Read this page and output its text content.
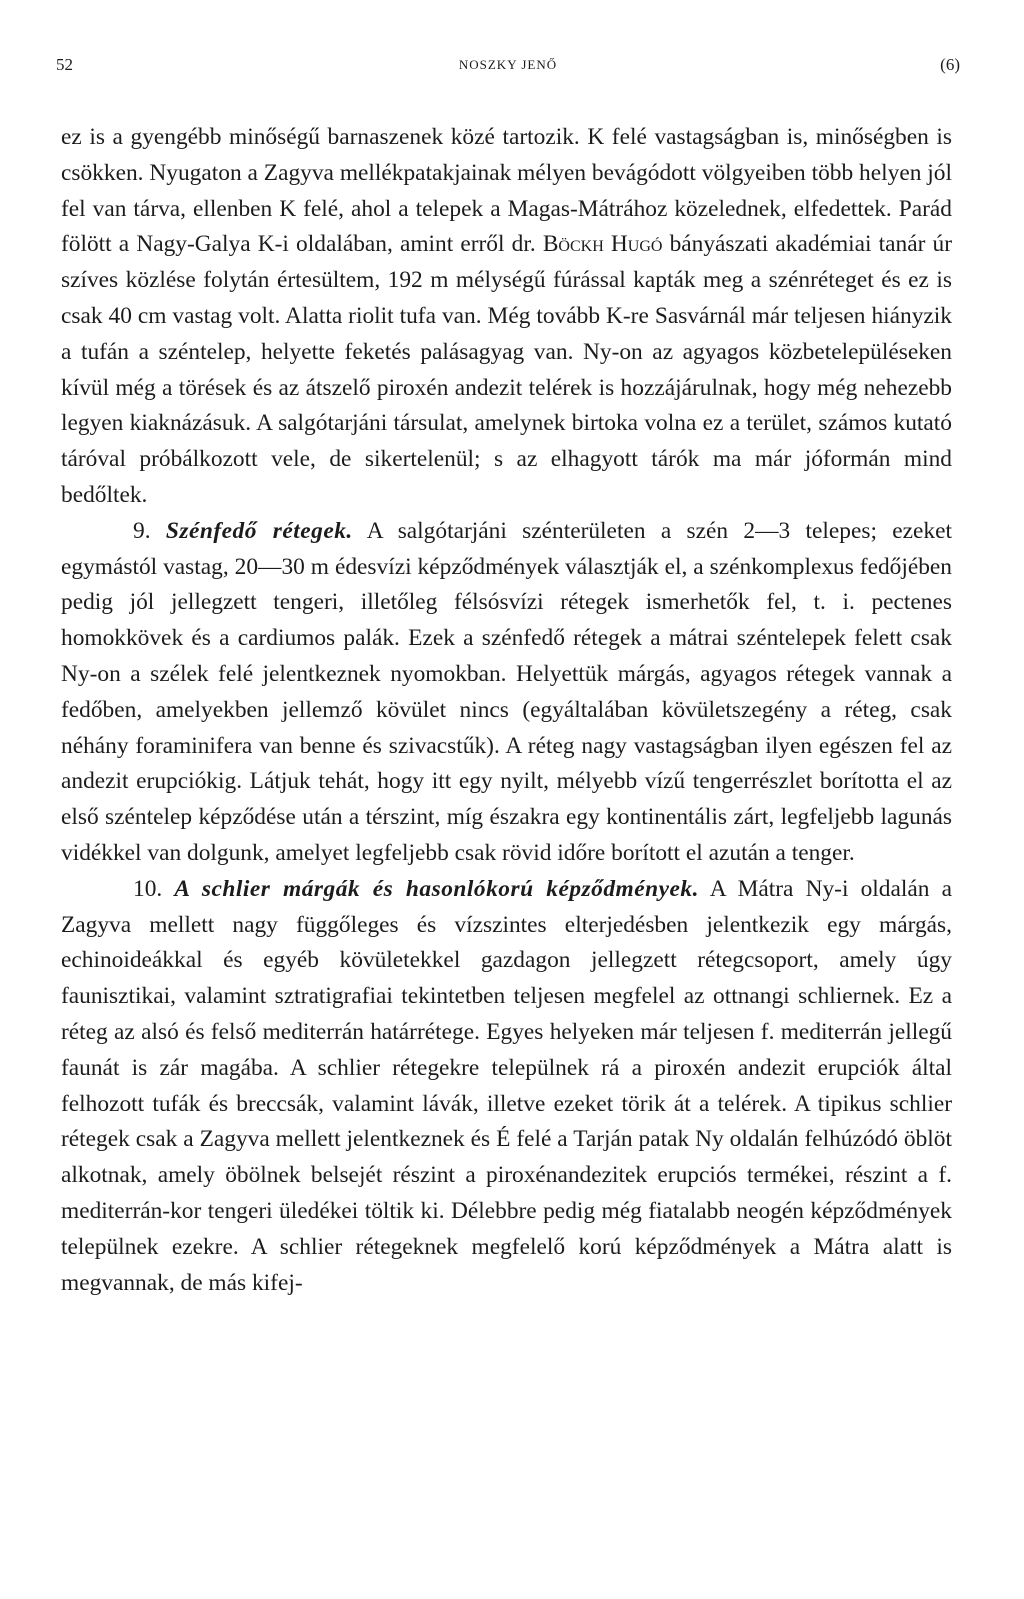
52	NOSZKY JENŐ	(6)

ez is a gyengébb minőségű barnaszenek közé tartozik. K felé vastagságban is, minőségben is csökken. Nyugaton a Zagyva mellékpatakjainak mélyen bevágódott völgyeiben több helyen jól fel van tárva, ellenben K felé, ahol a telepek a Magas-Mátrához közelednek, elfedettek. Parád fölött a Nagy-Galya K-i oldalában, amint erről dr. Böckh Hugó bányászati akadémiai tanár úr szíves közlése folytán értesültem, 192 m mélységű fúrással kapták meg a szénréteget és ez is csak 40 cm vastag volt. Alatta riolit tufa van. Még tovább K-re Sasvárnál már teljesen hiányzik a tufán a széntelep, helyette feketés palásagyag van. Ny-on az agyagos közbetelepüléseken kívül még a törések és az átszelő piroxén andezit telérek is hozzájárulnak, hogy még nehezebb legyen kiaknázásuk. A salgótarjáni társulat, amelynek birtoka volna ez a terület, számos kutató táróval próbálkozott vele, de sikertelenül; s az elhagyott tárók ma már jóformán mind bedőltek.

9. Szénfedő rétegek. A salgótarjáni szénterületen a szén 2—3 telepes; ezeket egymástól vastag, 20—30 m édesvízi képződmények választják el, a szénkomplexus fedőjében pedig jól jellegzett tengeri, illetőleg félsósvízi rétegek ismerhetők fel, t. i. pectenes homokkövek és a cardiumos palák. Ezek a szénfedő rétegek a mátrai széntelepek felett csak Ny-on a szélek felé jelentkeznek nyomokban. Helyettük márgás, agyagos rétegek vannak a fedőben, amelyekben jellemző kövület nincs (egyáltalában kövületszegény a réteg, csak néhány foraminifera van benne és szivacstűk). A réteg nagy vastagságban ilyen egészen fel az andezit erupciókig. Látjuk tehát, hogy itt egy nyilt, mélyebb vízű tengerrészlet borította el az első széntelep képződése után a térszint, míg északra egy kontinentális zárt, legfeljebb lagunás vidékkel van dolgunk, amelyet legfeljebb csak rövid időre borított el azután a tenger.

10. A schlier márgák és hasonlókorú képződmények. A Mátra Ny-i oldalán a Zagyva mellett nagy függőleges és vízszintes elterjedésben jelentkezik egy márgás, echinoideákkal és egyéb kövületekkel gazdagon jellegzett rétegcsoport, amely úgy faunisztikai, valamint sztratigrafiai tekintetben teljesen megfelel az ottnangi schliernek. Ez a réteg az alsó és felső mediterrán határrétege. Egyes helyeken már teljesen f. mediterrán jellegű faunát is zár magába. A schlier rétegekre települnek rá a piroxén andezit erupciók által felhozott tufák és breccsák, valamint lávák, illetve ezeket törik át a telérek. A tipikus schlier rétegek csak a Zagyva mellett jelentkeznek és É felé a Tarján patak Ny oldalán felhúzódó öblöt alkotnak, amely öbölnek belsejét részint a piroxénandezitek erupciós termékei, részint a f. mediterrán-kor tengeri üledékei töltik ki. Délebbre pedig még fiatalabb neogén képződmények települnek ezekre. A schlier rétegeknek megfelelő korú képződmények a Mátra alatt is megvannak, de más kifej-
